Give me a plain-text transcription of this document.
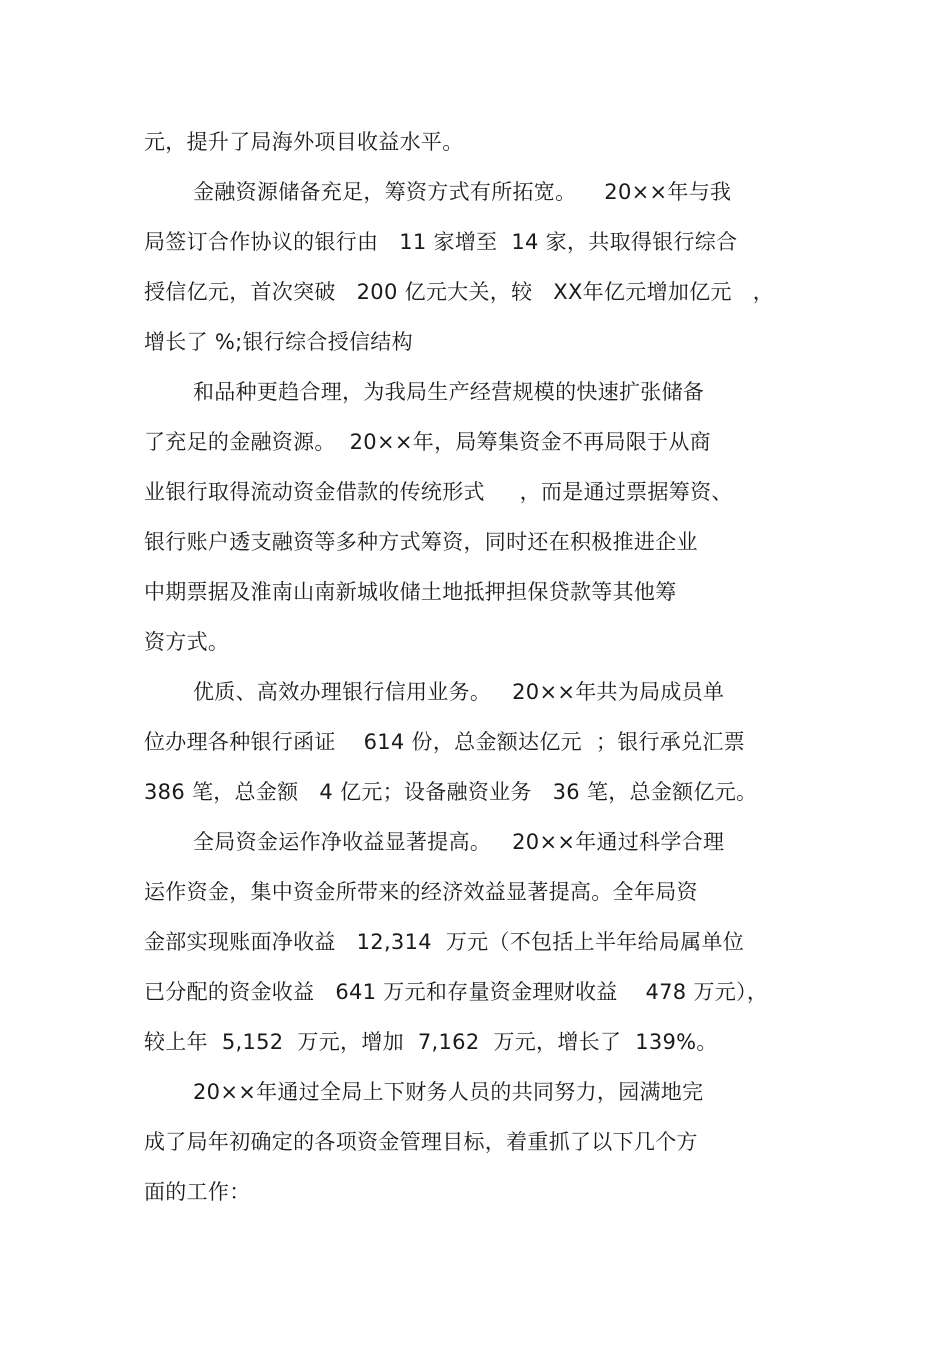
元，提升了局海外项目收益水平。
金融资源储备充足，筹资方式有所拓宽。    20××年与我
局签订合作协议的银行由   11 家增至  14 家，共取得银行综合
授信亿元，首次突破   200 亿元大关，较   XX年亿元增加亿元   ，
增长了 %;银行综合授信结构
和品种更趋合理，为我局生产经营规模的快速扩张储备
了充足的金融资源。  20××年，局筹集资金不再局限于从商
业银行取得流动资金借款的传统形式     ，而是通过票据筹资、
银行账户透支融资等多种方式筹资，同时还在积极推进企业
中期票据及淮南山南新城收储土地抵押担保贷款等其他筹
资方式。
优质、高效办理银行信用业务。   20××年共为局成员单
位办理各种银行函证    614 份，总金额达亿元  ；银行承兑汇票
386 笔，总金额   4 亿元；设备融资业务   36 笔，总金额亿元。
全局资金运作净收益显著提高。   20××年通过科学合理
运作资金，集中资金所带来的经济效益显著提高。全年局资
金部实现账面净收益   12,314  万元（不包括上半年给局属单位
已分配的资金收益   641 万元和存量资金理财收益    478 万元），
较上年  5,152  万元，增加  7,162  万元，增长了  139%。
20××年通过全局上下财务人员的共同努力，园满地完
成了局年初确定的各项资金管理目标，着重抓了以下几个方
面的工作：
